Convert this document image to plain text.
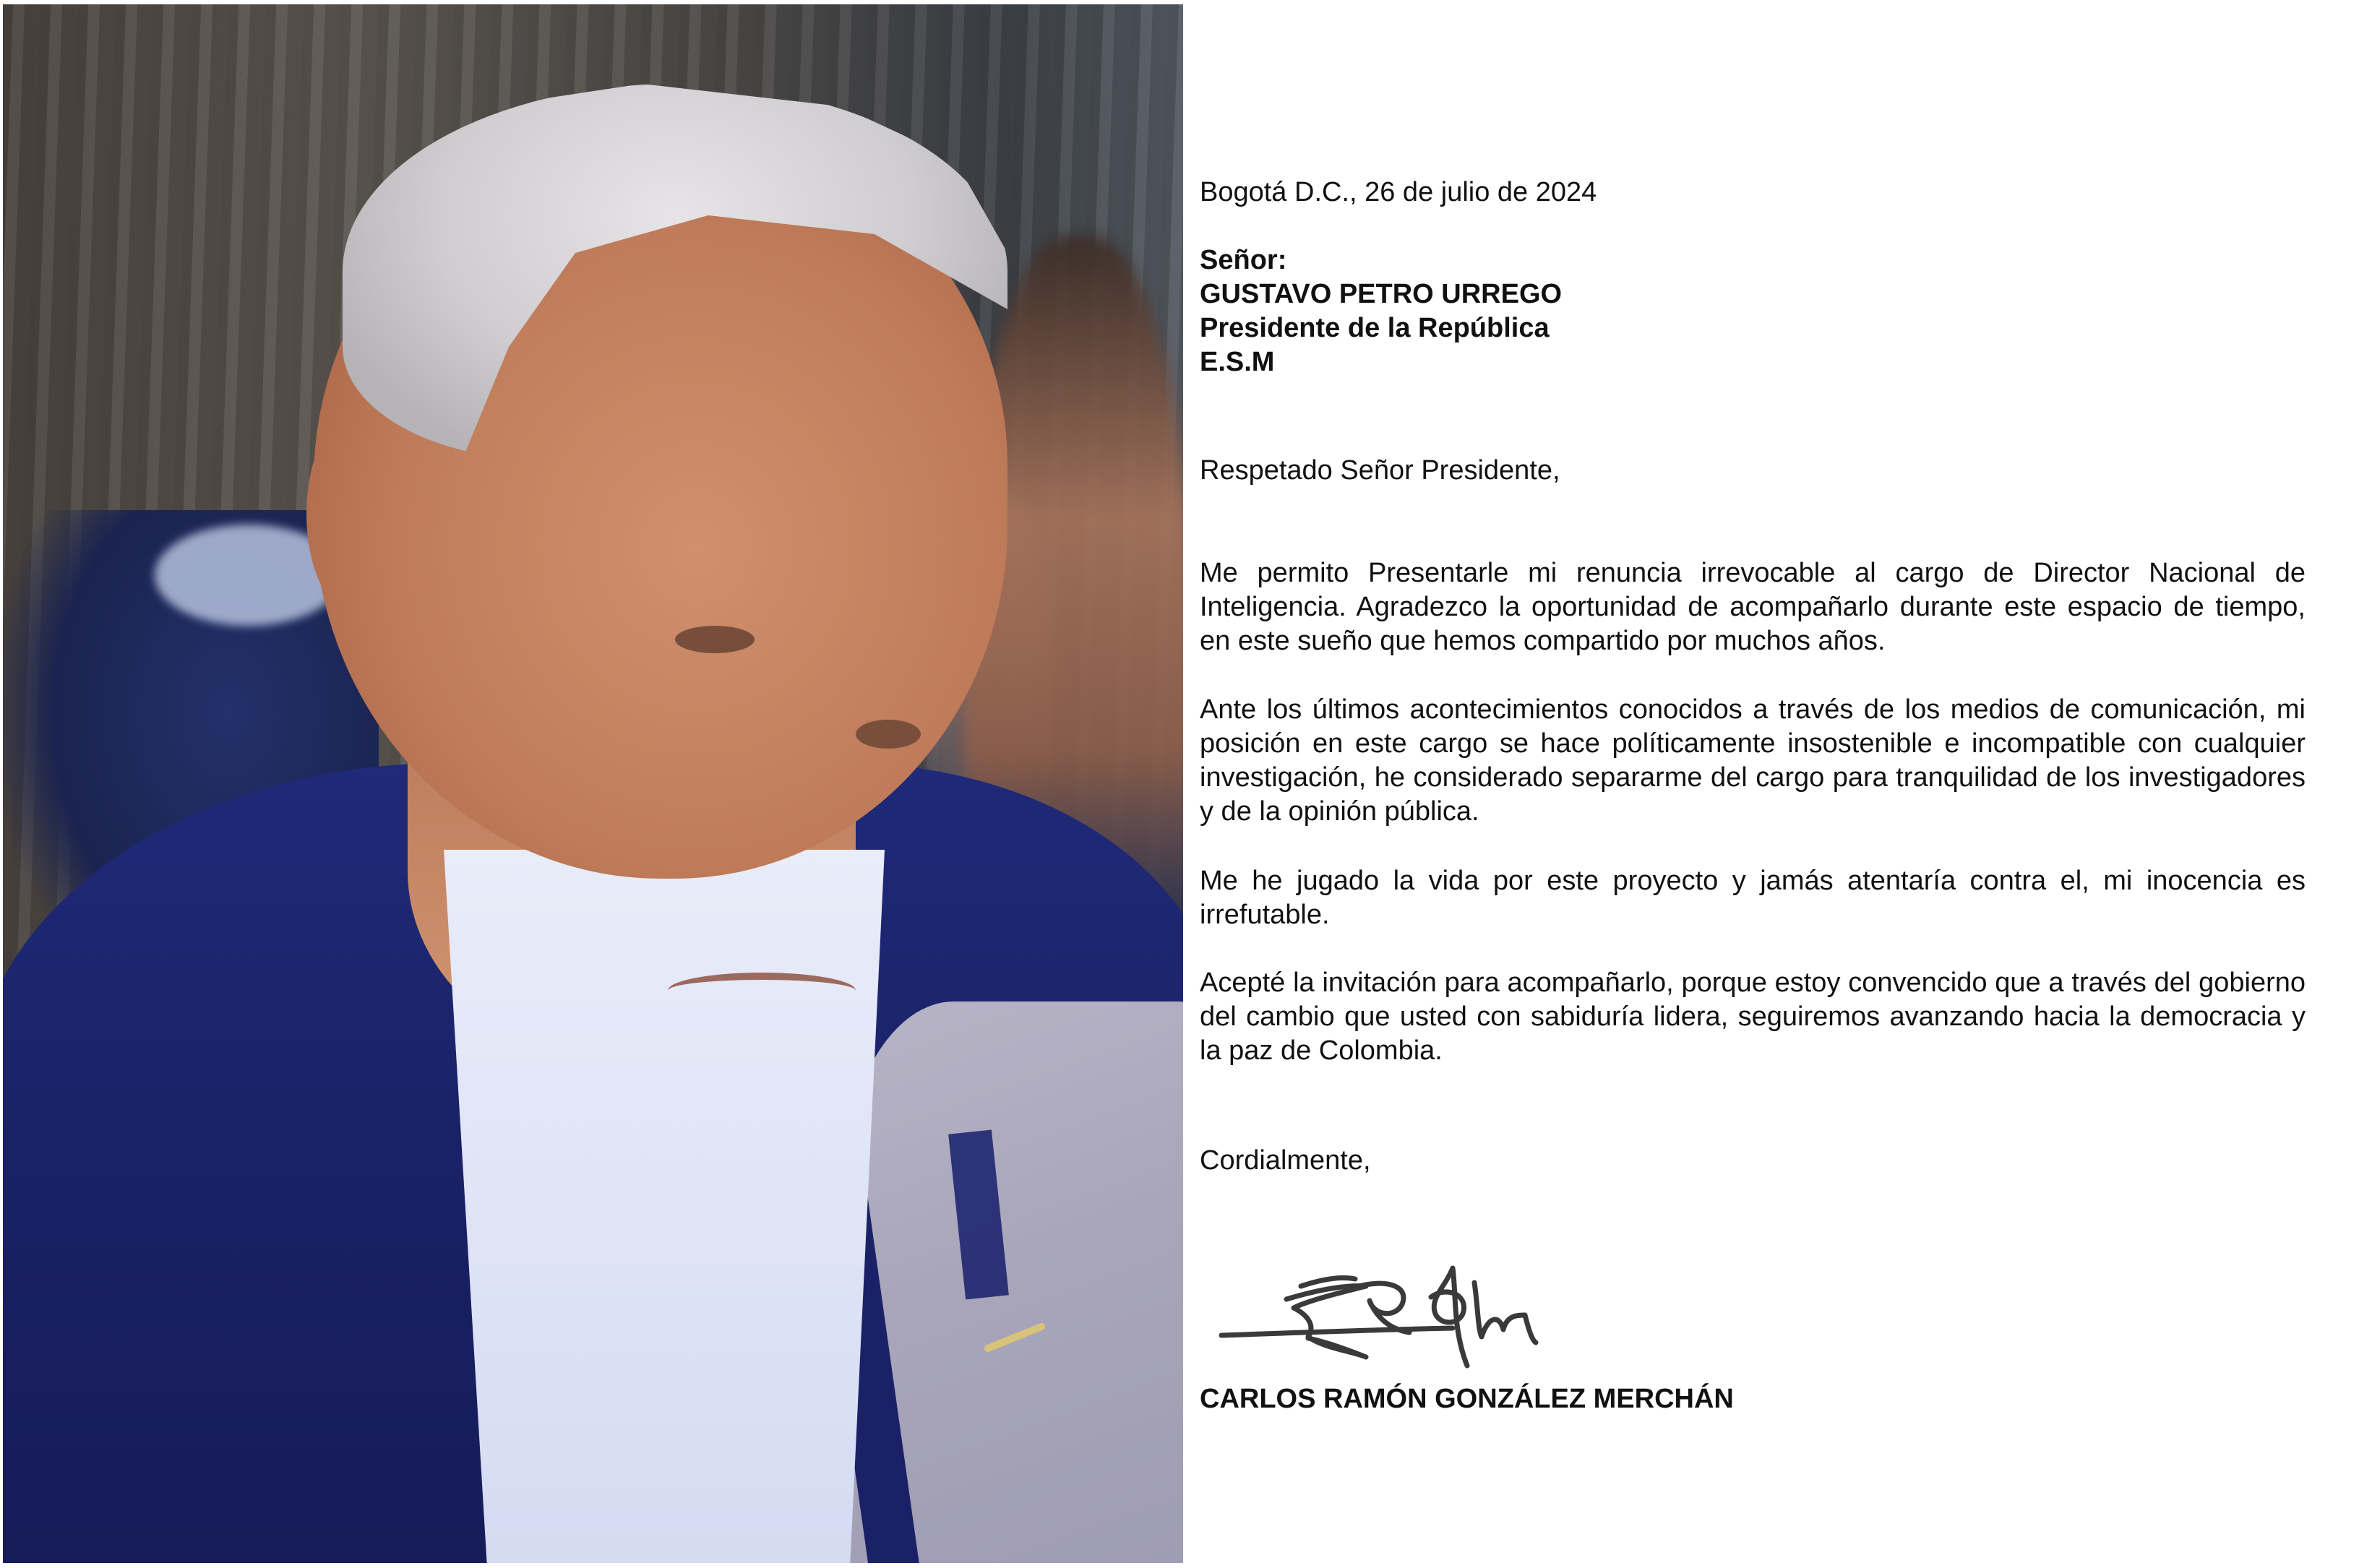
Bogotá D.C., 26 de julio de 2024

Señor:
GUSTAVO PETRO URREGO
Presidente de la República
E.S.M

Respetado Señor Presidente,

Me permito Presentarle mi renuncia irrevocable al cargo de Director Nacional de Inteligencia. Agradezco la oportunidad de acompañarlo durante este espacio de tiempo, en este sueño que hemos compartido por muchos años.

Ante los últimos acontecimientos conocidos a través de los medios de comunicación, mi posición en este cargo se hace políticamente insostenible e incompatible con cualquier investigación, he considerado separarme del cargo para tranquilidad de los investigadores y de la opinión pública.

Me he jugado la vida por este proyecto y jamás atentaría contra el, mi inocencia es irrefutable.

Acepté la invitación para acompañarlo, porque estoy convencido que a través del gobierno del cambio que usted con sabiduría lidera, seguiremos avanzando hacia la democracia y la paz de Colombia.

Cordialmente,

CARLOS RAMÓN GONZÁLEZ MERCHÁN
